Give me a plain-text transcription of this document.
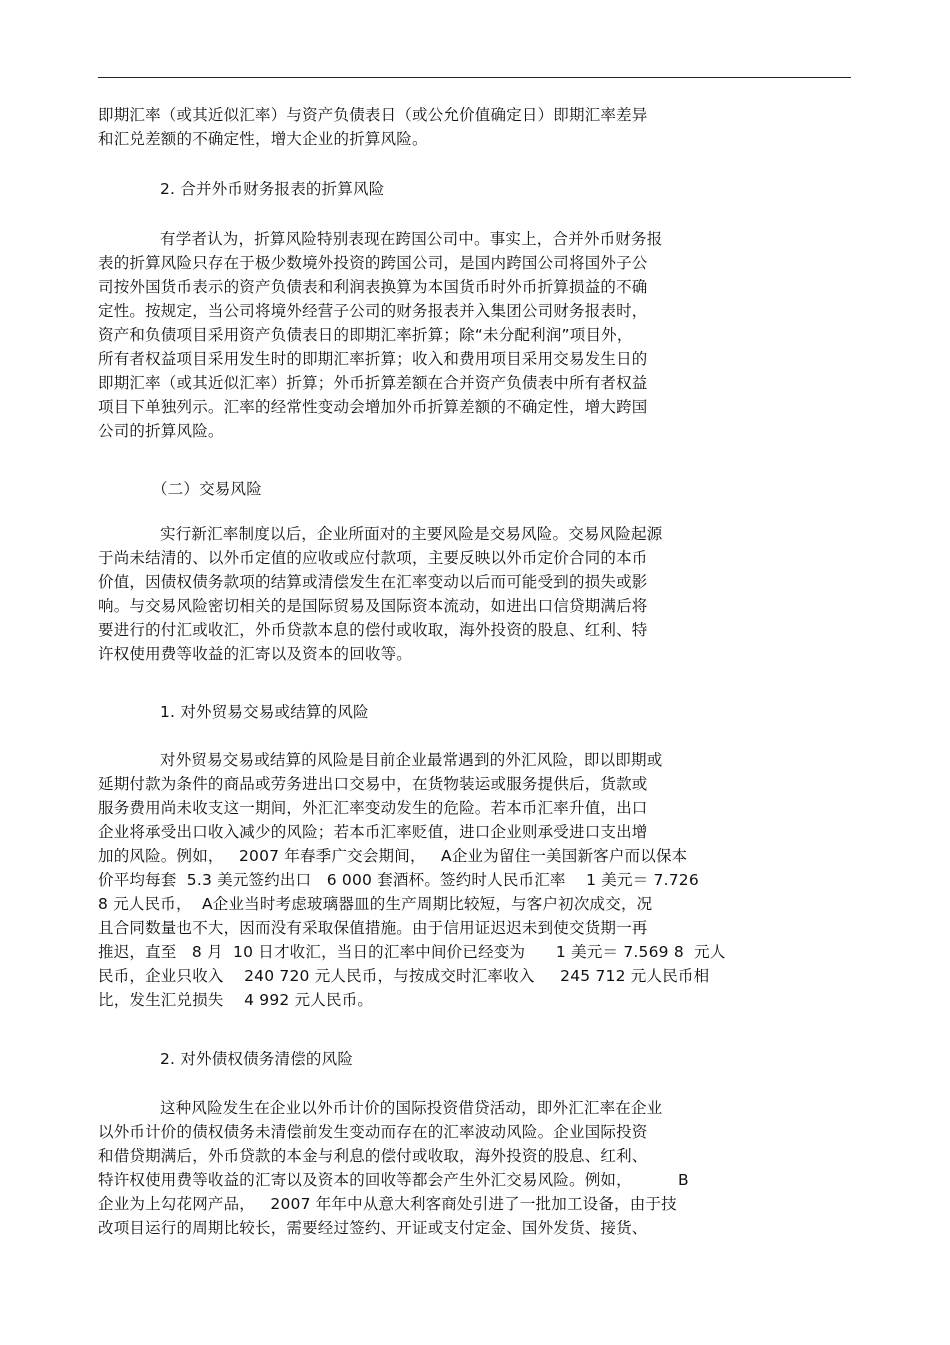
即期汇率（或其近似汇率）与资产负债表日（或公允价值确定日）即期汇率差异
和汇兑差额的不确定性，增大企业的折算风险。
2. 合并外币财务报表的折算风险
有学者认为，折算风险特别表现在跨国公司中。事实上，合并外币财务报
表的折算风险只存在于极少数境外投资的跨国公司，是国内跨国公司将国外子公
司按外国货币表示的资产负债表和利润表换算为本国货币时外币折算损益的不确
定性。按规定，当公司将境外经营子公司的财务报表并入集团公司财务报表时，
资产和负债项目采用资产负债表日的即期汇率折算；除“未分配利润”项目外，
所有者权益项目采用发生时的即期汇率折算；收入和费用项目采用交易发生日的
即期汇率（或其近似汇率）折算；外币折算差额在合并资产负债表中所有者权益
项目下单独列示。汇率的经常性变动会增加外币折算差额的不确定性，增大跨国
公司的折算风险。
（二）交易风险
实行新汇率制度以后，企业所面对的主要风险是交易风险。交易风险起源
于尚未结清的、以外币定值的应收或应付款项，主要反映以外币定价合同的本币
价值，因债权债务款项的结算或清偿发生在汇率变动以后而可能受到的损失或影
响。与交易风险密切相关的是国际贸易及国际资本流动，如进出口信贷期满后将
要进行的付汇或收汇，外币贷款本息的偿付或收取，海外投资的股息、红利、特
许权使用费等收益的汇寄以及资本的回收等。
1. 对外贸易交易或结算的风险
对外贸易交易或结算的风险是目前企业最常遇到的外汇风险，即以即期或
延期付款为条件的商品或劳务进出口交易中，在货物装运或服务提供后，货款或
服务费用尚未收支这一期间，外汇汇率变动发生的危险。若本币汇率升值，出口
企业将承受出口收入减少的风险；若本币汇率贬值，进口企业则承受进口支出增
加的风险。例如，   2007 年春季广交会期间，   A企业为留住一美国新客户而以保本
价平均每套  5.3 美元签约出口   6 000 套酒杯。签约时人民币汇率    1 美元＝ 7.726
8 元人民币，  A企业当时考虑玻璃器皿的生产周期比较短，与客户初次成交，况
且合同数量也不大，因而没有采取保值措施。由于信用证迟迟未到使交货期一再
推迟，直至   8 月  10 日才收汇，当日的汇率中间价已经变为      1 美元＝ 7.569 8  元人
民币，企业只收入    240 720 元人民币，与按成交时汇率收入     245 712 元人民币相
比，发生汇兑损失    4 992 元人民币。
2. 对外债权债务清偿的风险
这种风险发生在企业以外币计价的国际投资借贷活动，即外汇汇率在企业
以外币计价的债权债务未清偿前发生变动而存在的汇率波动风险。企业国际投资
和借贷期满后，外币贷款的本金与利息的偿付或收取，海外投资的股息、红利、
特许权使用费等收益的汇寄以及资本的回收等都会产生外汇交易风险。例如，         B
企业为上勾花网产品，   2007 年年中从意大利客商处引进了一批加工设备，由于技
改项目运行的周期比较长，需要经过签约、开证或支付定金、国外发货、接货、
